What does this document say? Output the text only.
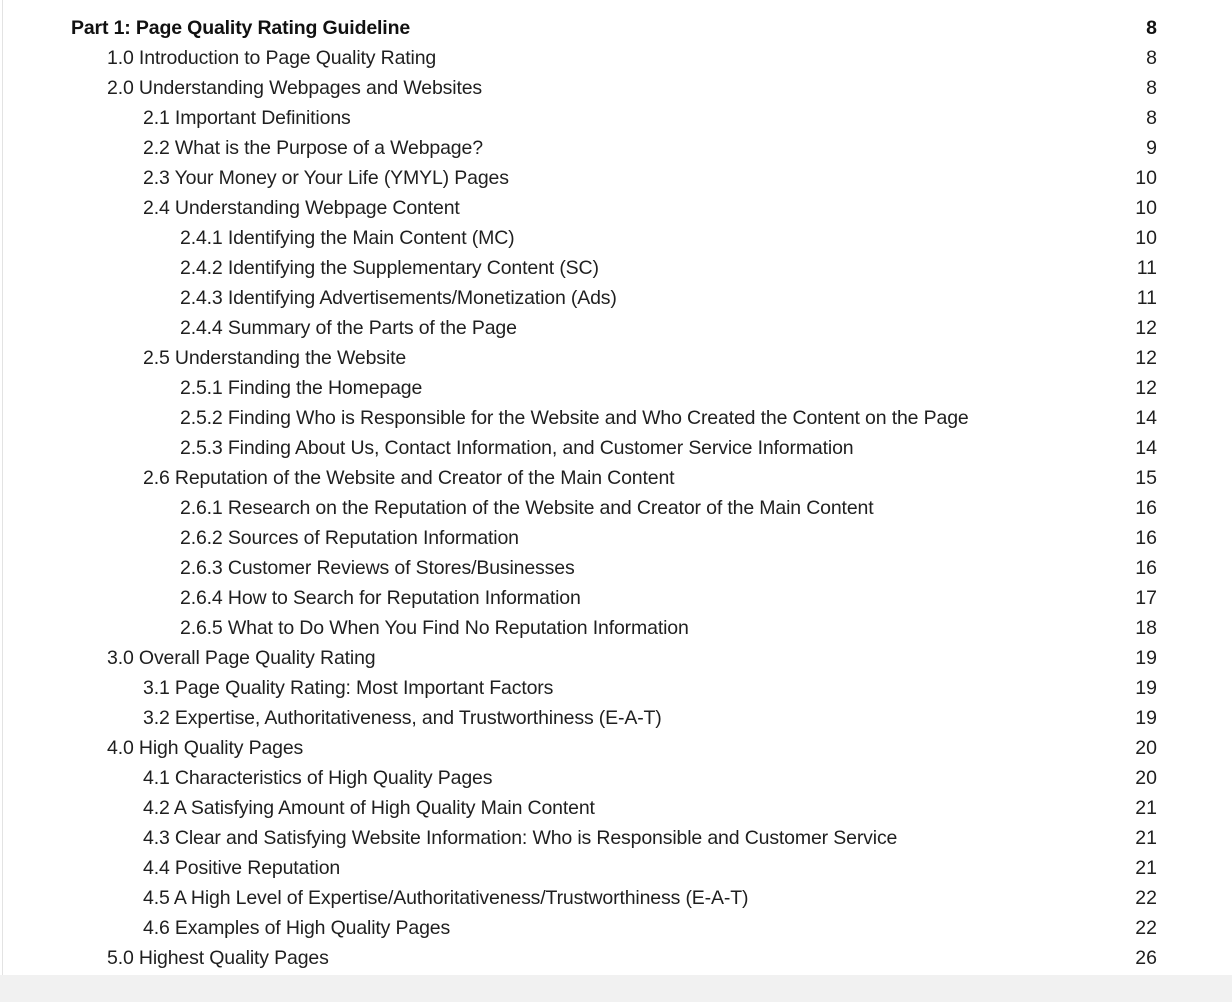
Part 1: Page Quality Rating Guideline	8
1.0 Introduction to Page Quality Rating	8
2.0 Understanding Webpages and Websites	8
2.1 Important Definitions	8
2.2 What is the Purpose of a Webpage?	9
2.3 Your Money or Your Life (YMYL) Pages	10
2.4 Understanding Webpage Content	10
2.4.1 Identifying the Main Content (MC)	10
2.4.2 Identifying the Supplementary Content (SC)	11
2.4.3 Identifying Advertisements/Monetization (Ads)	11
2.4.4 Summary of the Parts of the Page	12
2.5 Understanding the Website	12
2.5.1 Finding the Homepage	12
2.5.2 Finding Who is Responsible for the Website and Who Created the Content on the Page	14
2.5.3 Finding About Us, Contact Information, and Customer Service Information	14
2.6 Reputation of the Website and Creator of the Main Content	15
2.6.1 Research on the Reputation of the Website and Creator of the Main Content	16
2.6.2 Sources of Reputation Information	16
2.6.3 Customer Reviews of Stores/Businesses	16
2.6.4 How to Search for Reputation Information	17
2.6.5 What to Do When You Find No Reputation Information	18
3.0 Overall Page Quality Rating	19
3.1 Page Quality Rating: Most Important Factors	19
3.2 Expertise, Authoritativeness, and Trustworthiness (E-A-T)	19
4.0 High Quality Pages	20
4.1 Characteristics of High Quality Pages	20
4.2 A Satisfying Amount of High Quality Main Content	21
4.3 Clear and Satisfying Website Information: Who is Responsible and Customer Service	21
4.4 Positive Reputation	21
4.5 A High Level of Expertise/Authoritativeness/Trustworthiness (E-A-T)	22
4.6 Examples of High Quality Pages	22
5.0 Highest Quality Pages	26
